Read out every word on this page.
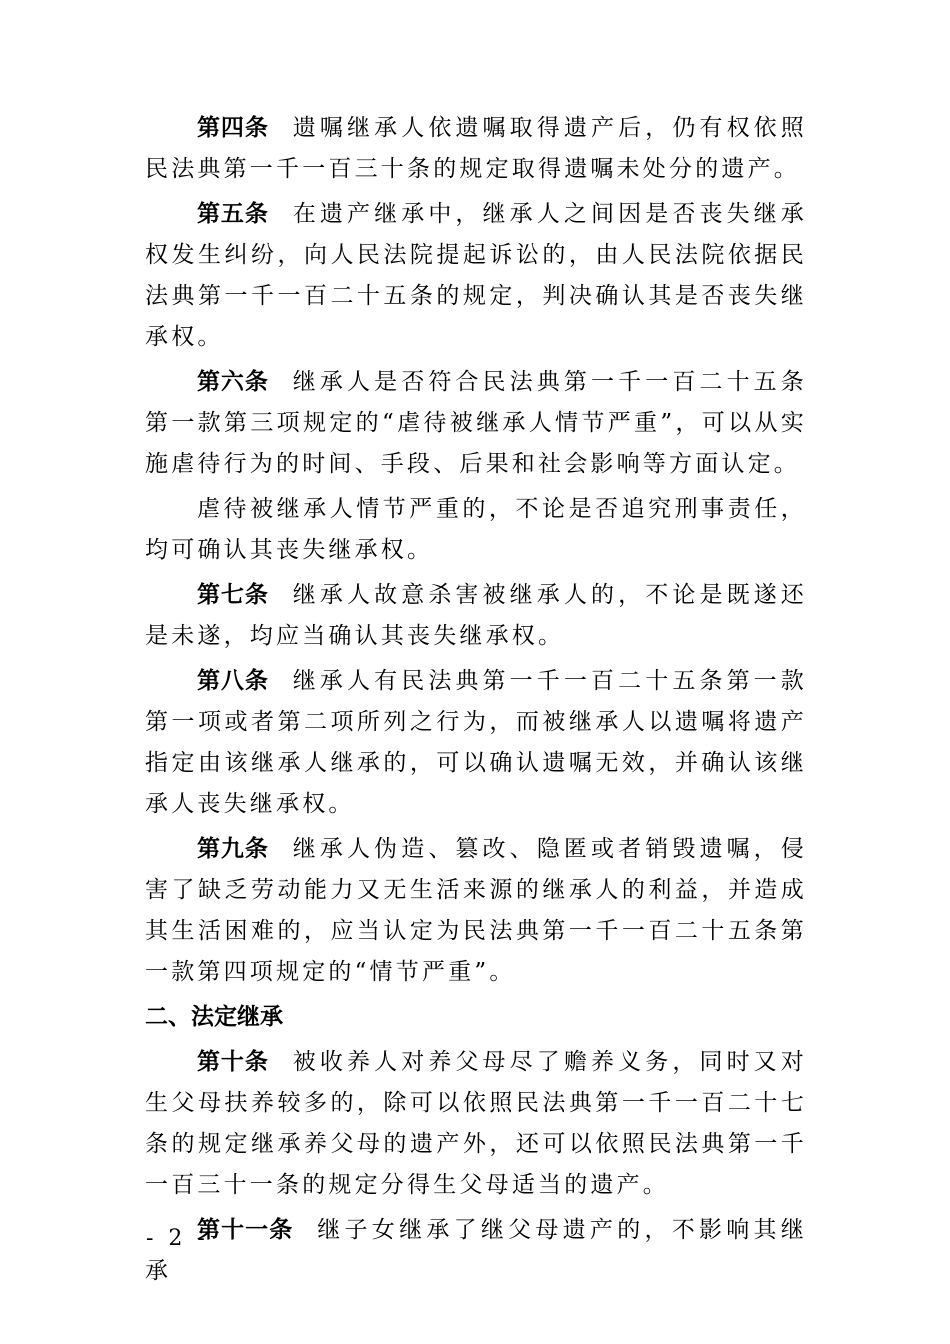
第四条 遗嘱继承人依遗嘱取得遗产后，仍有权依照民法典第一千一百三十条的规定取得遗嘱未处分的遗产。

第五条 在遗产继承中，继承人之间因是否丧失继承权发生纠纷，向人民法院提起诉讼的，由人民法院依据民法典第一千一百二十五条的规定，判决确认其是否丧失继承权。

第六条 继承人是否符合民法典第一千一百二十五条第一款第三项规定的“虐待被继承人情节严重”，可以从实施虐待行为的时间、手段、后果和社会影响等方面认定。

虐待被继承人情节严重的，不论是否追究刑事责任，均可确认其丧失继承权。

第七条 继承人故意杀害被继承人的，不论是既遂还是未遂，均应当确认其丧失继承权。

第八条 继承人有民法典第一千一百二十五条第一款第一项或者第二项所列之行为，而被继承人以遗嘱将遗产指定由该继承人继承的，可以确认遗嘱无效，并确认该继承人丧失继承权。

第九条 继承人伪造、篡改、隐匿或者销毁遗嘱，侵害了缺乏劳动能力又无生活来源的继承人的利益，并造成其生活困难的，应当认定为民法典第一千一百二十五条第一款第四项规定的“情节严重”。

二、法定继承

第十条 被收养人对养父母尽了赡养义务，同时又对生父母扶养较多的，除可以依照民法典第一千一百二十七条的规定继承养父母的遗产外，还可以依照民法典第一千一百三十一条的规定分得生父母适当的遗产。

第十一条 继子女继承了继父母遗产的，不影响其继承

- 2 -
